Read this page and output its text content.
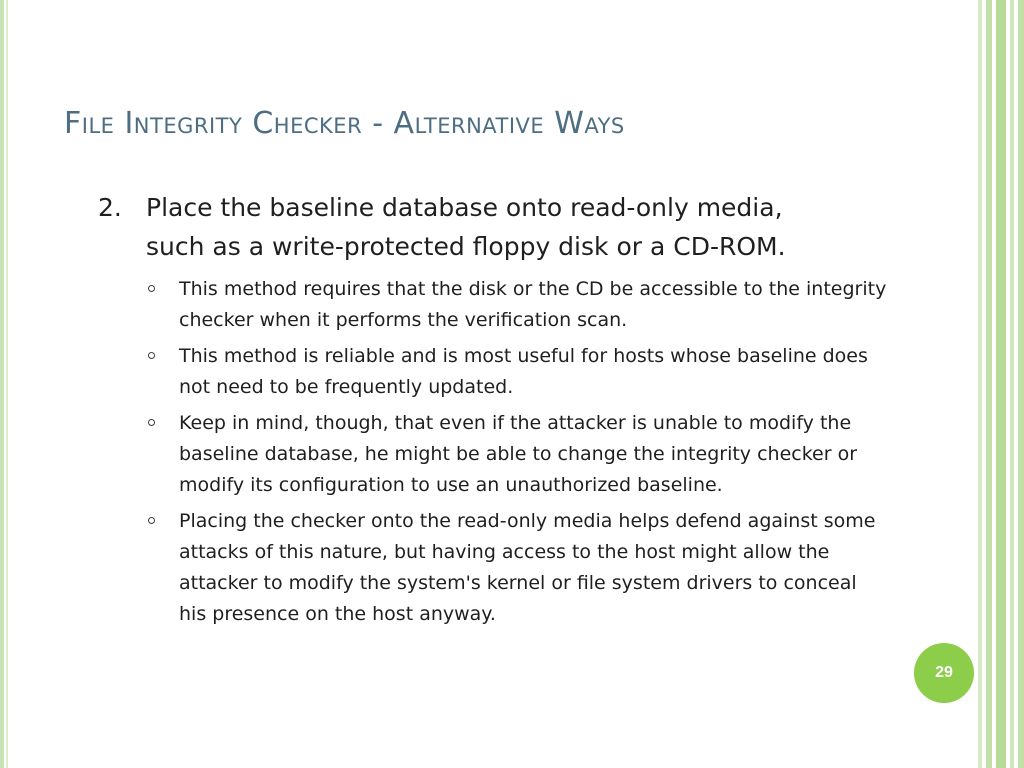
File Integrity Checker - Alternative Ways
2. Place the baseline database onto read-only media,
such as a write-protected floppy disk or a CD-ROM.
This method requires that the disk or the CD be accessible to the integrity checker when it performs the verification scan.
This method is reliable and is most useful for hosts whose baseline does not need to be frequently updated.
Keep in mind, though, that even if the attacker is unable to modify the baseline database, he might be able to change the integrity checker or modify its configuration to use an unauthorized baseline.
Placing the checker onto the read-only media helps defend against some attacks of this nature, but having access to the host might allow the attacker to modify the system's kernel or file system drivers to conceal his presence on the host anyway.
29
